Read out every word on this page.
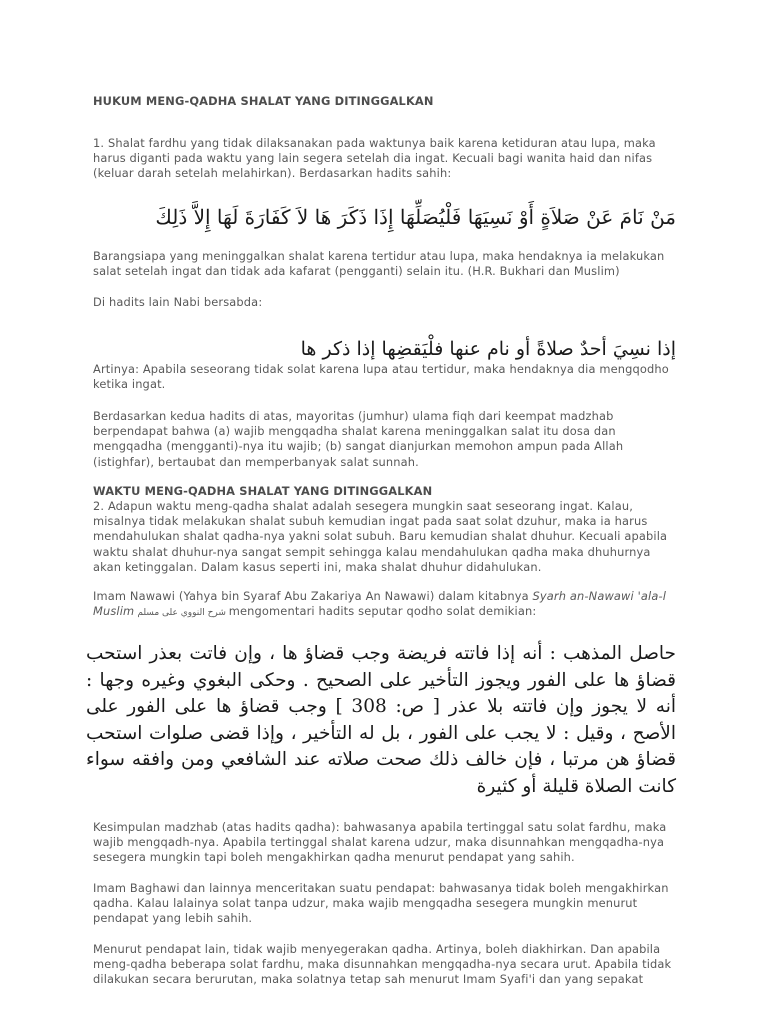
HUKUM MENG-QADHA SHALAT YANG DITINGGALKAN

1. Shalat fardhu yang tidak dilaksanakan pada waktunya baik karena ketiduran atau lupa, maka harus diganti pada waktu yang lain segera setelah dia ingat. Kecuali bagi wanita haid dan nifas (keluar darah setelah melahirkan). Berdasarkan hadits sahih:

مَنْ نَامَ عَنْ صَلاَةٍ أَوْ نَسِيَهَا فَلْيُصَلِّهَا إِذَا ذَكَرَ هَا لاَ كَفَارَةَ لَهَا إِلاَّ ذَلِكَ

Barangsiapa yang meninggalkan shalat karena tertidur atau lupa, maka hendaknya ia melakukan salat setelah ingat dan tidak ada kafarat (pengganti) selain itu. (H.R. Bukhari dan Muslim)

Di hadits lain Nabi bersabda:

إذا نسِيَ أحدٌ صلاةً أو نام عنها فلْيَقضِها إذا ذكر ها

Artinya: Apabila seseorang tidak solat karena lupa atau tertidur, maka hendaknya dia mengqodho ketika ingat.

Berdasarkan kedua hadits di atas, mayoritas (jumhur) ulama fiqh dari keempat madzhab berpendapat bahwa (a) wajib mengqadha shalat karena meninggalkan salat itu dosa dan mengqadha (mengganti)-nya itu wajib; (b) sangat dianjurkan memohon ampun pada Allah (istighfar), bertaubat dan memperbanyak salat sunnah.

WAKTU MENG-QADHA SHALAT YANG DITINGGALKAN

2. Adapun waktu meng-qadha shalat adalah sesegera mungkin saat seseorang ingat. Kalau, misalnya tidak melakukan shalat subuh kemudian ingat pada saat solat dzuhur, maka ia harus mendahulukan shalat qadha-nya yakni solat subuh. Baru kemudian shalat dhuhur. Kecuali apabila waktu shalat dhuhur-nya sangat sempit sehingga kalau mendahulukan qadha maka dhuhurnya akan ketinggalan. Dalam kasus seperti ini, maka shalat dhuhur didahulukan.

Imam Nawawi (Yahya bin Syaraf Abu Zakariya An Nawawi) dalam kitabnya Syarh an-Nawawi 'ala-l Muslim شرح النووي على مسلم mengomentari hadits seputar qodho solat demikian:

حاصل المذهب : أنه إذا فاتته فريضة وجب قضاؤ ها ، وإن فاتت بعذر استحب قضاؤ ها على الفور ويجوز التأخير على الصحيح . وحكى البغوي وغيره وجها : أنه لا يجوز وإن فاتته بلا عذر [ ص: 308 ] وجب قضاؤ ها على الفور على الأصح ، وقيل : لا يجب على الفور ، بل له التأخير ، وإذا قضى صلوات استحب قضاؤ هن مرتبا ، فإن خالف ذلك صحت صلاته عند الشافعي ومن وافقه سواء كانت الصلاة قليلة أو كثيرة

Kesimpulan madzhab (atas hadits qadha): bahwasanya apabila tertinggal satu solat fardhu, maka wajib mengqadh-nya. Apabila tertinggal shalat karena udzur, maka disunnahkan mengqadha-nya sesegera mungkin tapi boleh mengakhirkan qadha menurut pendapat yang sahih.

Imam Baghawi dan lainnya menceritakan suatu pendapat: bahwasanya tidak boleh mengakhirkan qadha. Kalau lalainya solat tanpa udzur, maka wajib mengqadha sesegera mungkin menurut pendapat yang lebih sahih.

Menurut pendapat lain, tidak wajib menyegerakan qadha. Artinya, boleh diakhirkan. Dan apabila meng-qadha beberapa solat fardhu, maka disunnahkan mengqadha-nya secara urut. Apabila tidak dilakukan secara berurutan, maka solatnya tetap sah menurut Imam Syafi'i dan yang sepakat
